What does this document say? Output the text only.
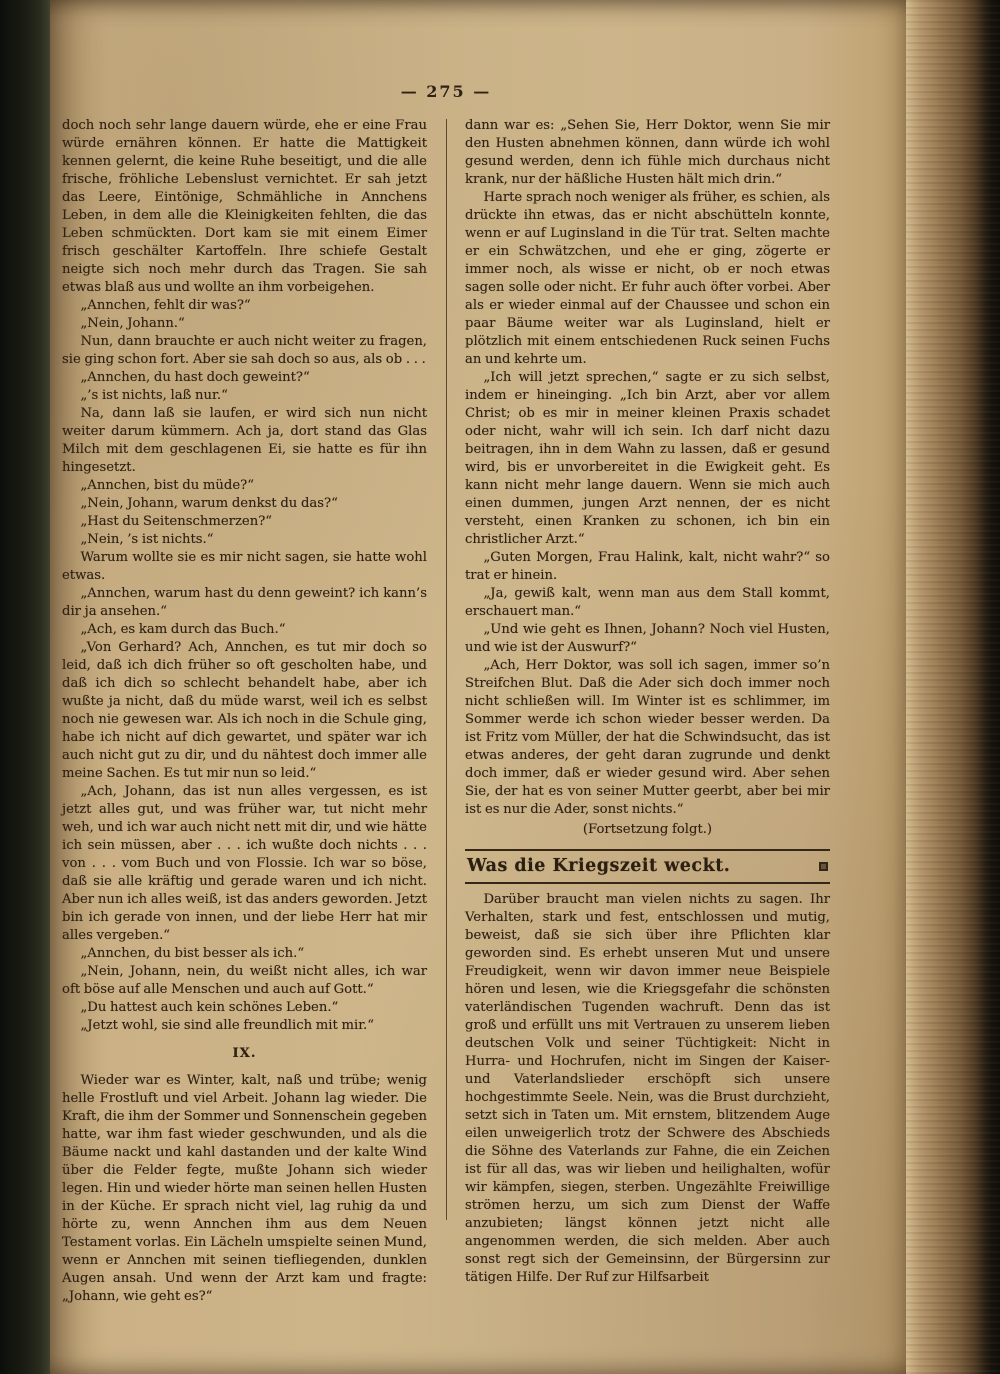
— 275 —

doch noch sehr lange dauern würde, ehe er eine Frau würde ernähren können. Er hatte die Mattigkeit kennen gelernt, die keine Ruhe beseitigt, und die alle frische, fröhliche Lebenslust vernichtet. Er sah jetzt das Leere, Eintönige, Schmähliche in Annchens Leben, in dem alle die Kleinigkeiten fehlten, die das Leben schmückten. Dort kam sie mit einem Eimer frisch geschälter Kartoffeln. Ihre schiefe Gestalt neigte sich noch mehr durch das Tragen. Sie sah etwas blaß aus und wollte an ihm vorbeigehen.

„Annchen, fehlt dir was?“

„Nein, Johann.“

Nun, dann brauchte er auch nicht weiter zu fragen, sie ging schon fort. Aber sie sah doch so aus, als ob . . .

„Annchen, du hast doch geweint?“

„’s ist nichts, laß nur.“

Na, dann laß sie laufen, er wird sich nun nicht weiter darum kümmern. Ach ja, dort stand das Glas Milch mit dem geschlagenen Ei, sie hatte es für ihn hingesetzt.

„Annchen, bist du müde?“

„Nein, Johann, warum denkst du das?“

„Hast du Seitenschmerzen?“

„Nein, ’s ist nichts.“

Warum wollte sie es mir nicht sagen, sie hatte wohl etwas.

„Annchen, warum hast du denn geweint? ich kann’s dir ja ansehen.“

„Ach, es kam durch das Buch.“

„Von Gerhard? Ach, Annchen, es tut mir doch so leid, daß ich dich früher so oft gescholten habe, und daß ich dich so schlecht behandelt habe, aber ich wußte ja nicht, daß du müde warst, weil ich es selbst noch nie gewesen war. Als ich noch in die Schule ging, habe ich nicht auf dich gewartet, und später war ich auch nicht gut zu dir, und du nähtest doch immer alle meine Sachen. Es tut mir nun so leid.“

„Ach, Johann, das ist nun alles vergessen, es ist jetzt alles gut, und was früher war, tut nicht mehr weh, und ich war auch nicht nett mit dir, und wie hätte ich sein müssen, aber . . . ich wußte doch nichts . . . von . . . vom Buch und von Flossie. Ich war so böse, daß sie alle kräftig und gerade waren und ich nicht. Aber nun ich alles weiß, ist das anders geworden. Jetzt bin ich gerade von innen, und der liebe Herr hat mir alles vergeben.“

„Annchen, du bist besser als ich.“

„Nein, Johann, nein, du weißt nicht alles, ich war oft böse auf alle Menschen und auch auf Gott.“

„Du hattest auch kein schönes Leben.“

„Jetzt wohl, sie sind alle freundlich mit mir.“

IX.

Wieder war es Winter, kalt, naß und trübe; wenig helle Frostluft und viel Arbeit. Johann lag wieder. Die Kraft, die ihm der Sommer und Sonnenschein gegeben hatte, war ihm fast wieder geschwunden, und als die Bäume nackt und kahl dastanden und der kalte Wind über die Felder fegte, mußte Johann sich wieder legen. Hin und wieder hörte man seinen hellen Husten in der Küche. Er sprach nicht viel, lag ruhig da und hörte zu, wenn Annchen ihm aus dem Neuen Testament vorlas. Ein Lächeln umspielte seinen Mund, wenn er Annchen mit seinen tiefliegenden, dunklen Augen ansah. Und wenn der Arzt kam und fragte: „Johann, wie geht es?“

dann war es: „Sehen Sie, Herr Doktor, wenn Sie mir den Husten abnehmen können, dann würde ich wohl gesund werden, denn ich fühle mich durchaus nicht krank, nur der häßliche Husten hält mich drin.“

Harte sprach noch weniger als früher, es schien, als drückte ihn etwas, das er nicht abschütteln konnte, wenn er auf Luginsland in die Tür trat. Selten machte er ein Schwätzchen, und ehe er ging, zögerte er immer noch, als wisse er nicht, ob er noch etwas sagen solle oder nicht. Er fuhr auch öfter vorbei. Aber als er wieder einmal auf der Chaussee und schon ein paar Bäume weiter war als Luginsland, hielt er plötzlich mit einem entschiedenen Ruck seinen Fuchs an und kehrte um.

„Ich will jetzt sprechen,“ sagte er zu sich selbst, indem er hineinging. „Ich bin Arzt, aber vor allem Christ; ob es mir in meiner kleinen Praxis schadet oder nicht, wahr will ich sein. Ich darf nicht dazu beitragen, ihn in dem Wahn zu lassen, daß er gesund wird, bis er unvorbereitet in die Ewigkeit geht. Es kann nicht mehr lange dauern. Wenn sie mich auch einen dummen, jungen Arzt nennen, der es nicht versteht, einen Kranken zu schonen, ich bin ein christlicher Arzt.“

„Guten Morgen, Frau Halink, kalt, nicht wahr?“ so trat er hinein.

„Ja, gewiß kalt, wenn man aus dem Stall kommt, erschauert man.“

„Und wie geht es Ihnen, Johann? Noch viel Husten, und wie ist der Auswurf?“

„Ach, Herr Doktor, was soll ich sagen, immer so’n Streifchen Blut. Daß die Ader sich doch immer noch nicht schließen will. Im Winter ist es schlimmer, im Sommer werde ich schon wieder besser werden. Da ist Fritz vom Müller, der hat die Schwindsucht, das ist etwas anderes, der geht daran zugrunde und denkt doch immer, daß er wieder gesund wird. Aber sehen Sie, der hat es von seiner Mutter geerbt, aber bei mir ist es nur die Ader, sonst nichts.“

(Fortsetzung folgt.)

Was die Kriegszeit weckt.

Darüber braucht man vielen nichts zu sagen. Ihr Verhalten, stark und fest, entschlossen und mutig, beweist, daß sie sich über ihre Pflichten klar geworden sind. Es erhebt unseren Mut und unsere Freudigkeit, wenn wir davon immer neue Beispiele hören und lesen, wie die Kriegsgefahr die schönsten vaterländischen Tugenden wachruft. Denn das ist groß und erfüllt uns mit Vertrauen zu unserem lieben deutschen Volk und seiner Tüchtigkeit: Nicht in Hurra- und Hochrufen, nicht im Singen der Kaiser- und Vaterlandslieder erschöpft sich unsere hochgestimmte Seele. Nein, was die Brust durchzieht, setzt sich in Taten um. Mit ernstem, blitzendem Auge eilen unweigerlich trotz der Schwere des Abschieds die Söhne des Vaterlands zur Fahne, die ein Zeichen ist für all das, was wir lieben und heilighalten, wofür wir kämpfen, siegen, sterben. Ungezählte Freiwillige strömen herzu, um sich zum Dienst der Waffe anzubieten; längst können jetzt nicht alle angenommen werden, die sich melden. Aber auch sonst regt sich der Gemeinsinn, der Bürgersinn zur tätigen Hilfe. Der Ruf zur Hilfsarbeit
